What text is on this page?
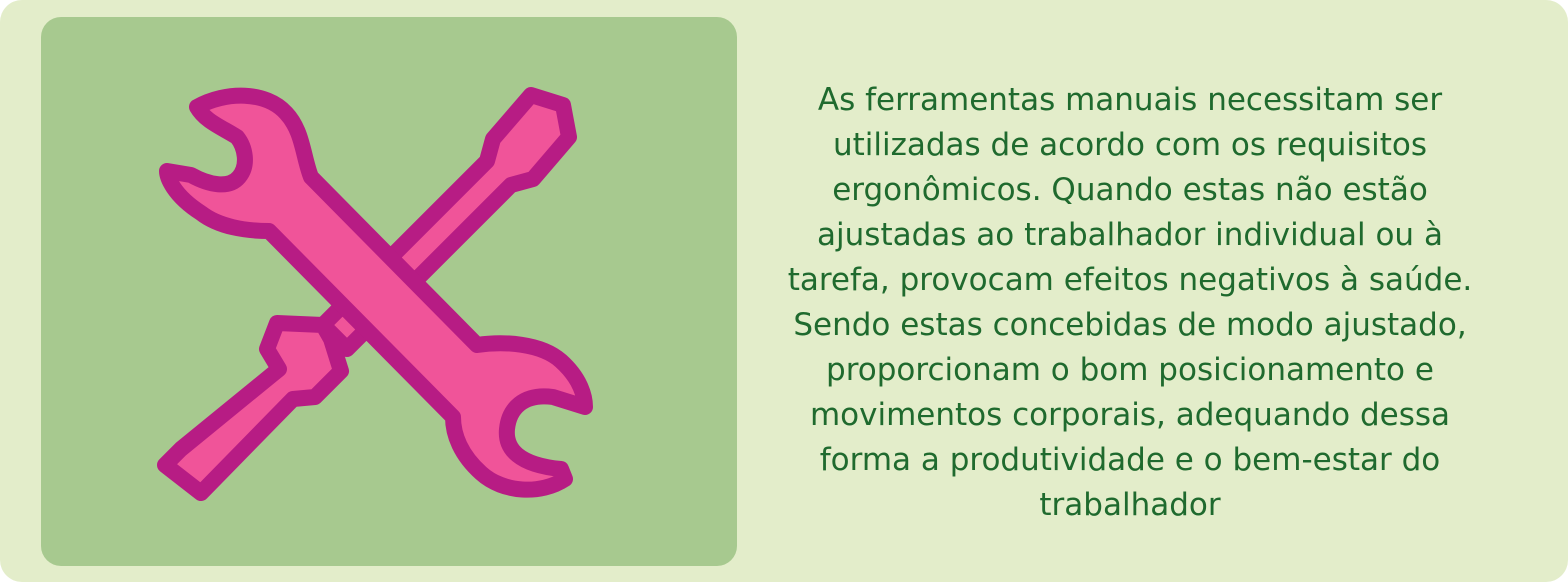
As ferramentas manuais necessitam ser
utilizadas de acordo com os requisitos
ergonômicos. Quando estas não estão
ajustadas ao trabalhador individual ou à
tarefa, provocam efeitos negativos à saúde.
Sendo estas concebidas de modo ajustado,
proporcionam o bom posicionamento e
movimentos corporais, adequando dessa
forma a produtividade e o bem-estar do
trabalhador
